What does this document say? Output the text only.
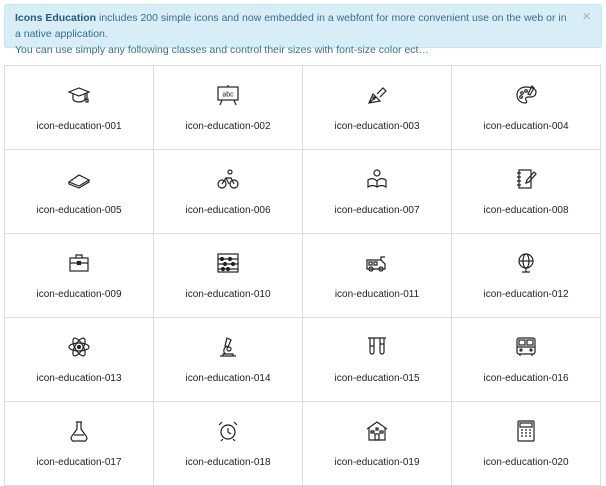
×
Icons Education includes 200 simple icons and now embedded in a webfont for more convenient use on the web or in a native application.
You can use simply any following classes and control their sizes with font-size color ect…
icon-education-001
abc
icon-education-002	icon-education-003	icon-education-004
icon-education-005	icon-education-006	icon-education-007	icon-education-008
icon-education-009	icon-education-010	icon-education-011	icon-education-012
icon-education-013	icon-education-014	icon-education-015	icon-education-016
icon-education-017	icon-education-018	icon-education-019	icon-education-020
